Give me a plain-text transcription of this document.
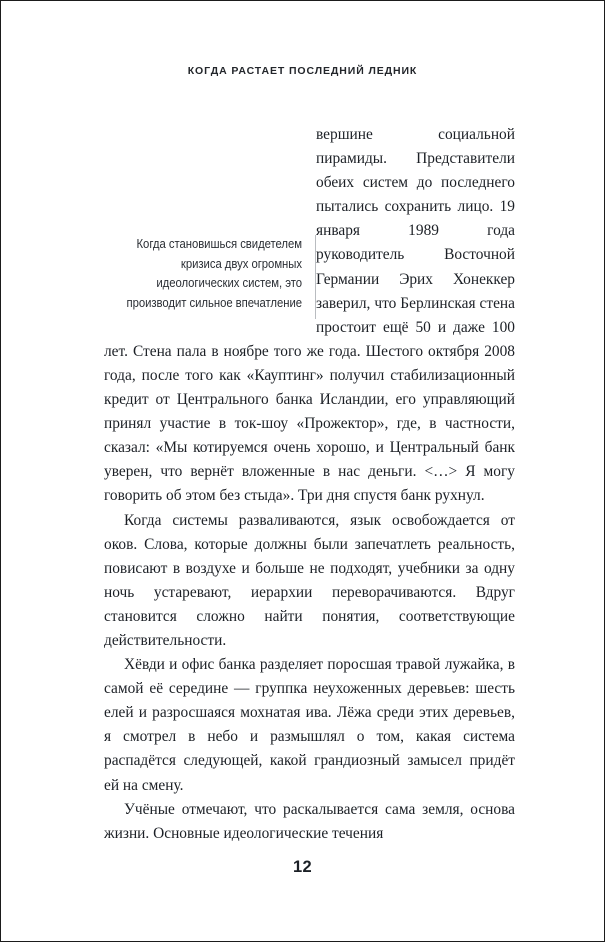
КОГДА РАСТАЕТ ПОСЛЕДНИЙ ЛЕДНИК
Когда становишься свидетелем
кризиса двух огромных
идеологических систем, это
производит сильное впечатление

вершине социальной пирамиды. Представители обеих систем до последнего пытались сохранить лицо. 19 января 1989 года руководитель Восточной Германии Эрих Хонеккер заверил, что Берлинская стена простоит ещё 50 и даже 100 лет. Стена пала в ноябре того же года. Шестого октября 2008 года, после того как «Кауптинг» получил стабилизационный кредит от Центрального банка Исландии, его управляющий принял участие в ток-шоу «Прожектор», где, в частности, сказал: «Мы котируемся очень хорошо, и Центральный банк уверен, что вернёт вложенные в нас деньги. <…> Я могу говорить об этом без стыда». Три дня спустя банк рухнул.

Когда системы разваливаются, язык освобождается от оков. Слова, которые должны были запечатлеть реальность, повисают в воздухе и больше не подходят, учебники за одну ночь устаревают, иерархии переворачиваются. Вдруг становится сложно найти понятия, соответствующие действительности.

Хёвди и офис банка разделяет поросшая травой лужайка, в самой её середине — группка неухоженных деревьев: шесть елей и разросшаяся мохнатая ива. Лёжа среди этих деревьев, я смотрел в небо и размышлял о том, какая система распадётся следующей, какой грандиозный замысел придёт ей на смену.

Учёные отмечают, что раскалывается сама земля, основа жизни. Основные идеологические течения

12
